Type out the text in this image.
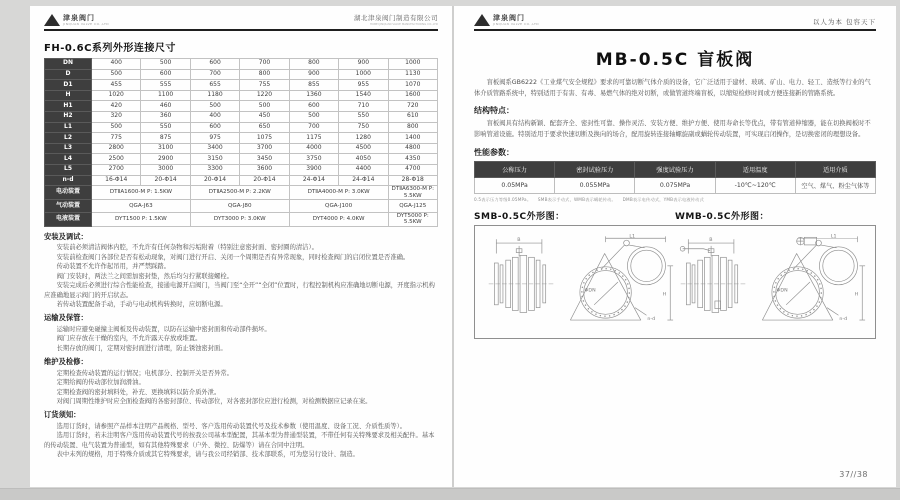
津泉阀门
JINQUAN VALVE CO.,LTD
湖北津泉阀门制造有限公司
HUBEI JINQUAN VALVE MANUFACTURING CO.,LTD
FH-0.6C系列外形连接尺寸
DN	400	500	600	700	800	900	1000
D	500	600	700	800	900	1000	1130
D1	455	555	655	755	855	955	1070
H	1020	1100	1180	1220	1360	1540	1600
H1	420	460	500	500	600	710	720
H2	320	360	400	450	500	550	610
L1	500	550	600	650	700	750	800
L2	775	875	975	1075	1175	1280	1400
L3	2800	3100	3400	3700	4000	4500	4800
L4	2500	2900	3150	3450	3750	4050	4350
L5	2700	3000	3300	3600	3900	4400	4700
n-d	16-Φ14	20-Φ14	20-Φ14	20-Φ14	24-Φ14	24-Φ14	28-Φ18
电动装置	DTⅡA1600-M P: 1.5KW		DTⅡA2500-M P: 2.2KW		DTⅡA4000-M P: 3.0KW		DTⅡA6300-M P: 5.5KW
气动装置	QGA-J63		QGA-J80		QGA-J100		QGA-J125
电液装置	DYT1500 P: 1.5KW		DYT3000 P: 3.0KW		DYT4000 P: 4.0KW		DYT5000 P: 5.5KW
安装及调试：
安装前必须清洁阀体内腔，不允许有任何杂物和污垢附着（特别注意密封面、密封圈的清洁）。
安装前检查阀门各部位是否有松动现象，对阀门进行开启、关闭一个周期是否有异常现象，同时检查阀门的启闭位置是否准确。
传动装置不允许作起吊用，并严禁踩踏。
阀门安装时，两法兰之间需加密封垫，然后均匀拧紧联接螺栓。
安装完成后必须进行综合性能检查，接通电源开启阀门，当阀门至“全开”“全闭”位置时，行程控制机构应准确地切断电源，开度指示机构应准确地显示阀门的开启状态。
若传动装置配备手动，手动与电动机构转换时，应切断电源。
运输及保管：
运输时应避免碰撞主阀板及传动装置，以防在运输中密封面和传动部件损坏。
阀门应存放在干燥的室内，不允许露天存放或堆置。
长期存放的阀门，定期对密封面进行清理，防止锈蚀密封面。
维护及检修：
定期检查传动装置的运行情况；电机部分、控制开关是否异常。
定期给阀的传动部位加润滑油。
定期检查阀的密封填料处，补充、更换填料以防介质外泄。
对阀门周期性维护时应全面检查阀的各密封部位、传动部位，对各密封部位应进行检测，对检测数据应记录在案。
订货须知：
选用订货时，请参照产品样本注明产品规格、型号、客户选用传动装置代号及技术参数（使用温度、设备工况、介质性质等）。
选用订货时，若未注明客户选用传动装置代号的按我公司基本型配置，其基本型为普通型装置，不带任何有关特殊要求及相关配件。基本的传动装置、电气装置为普通型，如有其他特殊要求（户外、微控、防爆等）请在合同中注明。
表中未列的规格，用于特殊介质或其它特殊要求，请与我公司经销部、技术部联系，可为您另行设计、制造。
津泉阀门
JINQUAN VALVE CO.,LTD	以人为本 包容天下
MB-0.5C 盲板阀

盲板阀系GB6222《工业煤气安全规程》要求的可靠切断气体介质的设备，它广泛适用于建材、玻璃、矿山、电力、轻工、造纸等行业的气体介质管路系统中，特别适用于有害、有毒、易燃气体的绝对切断，或做管道终端盲板，以缩短检修时间或方便连接新的管路系统。

结构特点：

盲板阀具有结构新颖、配套齐全、密封性可靠、操作灵活、安装方便、维护方便、使用寿命长等优点，带有管道伸缩器，能在切换阀板时不影响管道设施。特别适用于要求快速切断及换向的场合，配用旋转连接轴螺旋副或蜗轮传动装置，可实现启闭操作，是切换密闭的理想设备。

性能参数：
公称压力	密封试验压力	强度试验压力	适用温度	适用介质
0.05MPa	0.055MPa	0.075MPa	-10℃~120℃	空气、煤气、粉尘气体等
0.5表示压力等级0.05MPa。　　SMB表示手动式，WMB表示蜗轮传动。　　DMB表示电传动式，YMB表示电液传动式
SMB-0.5C外形图：	WMB-0.5C外形图：
B
L1
ΦDN
n-d
H
B
L1
ΦDN
n-d
H
37//38
